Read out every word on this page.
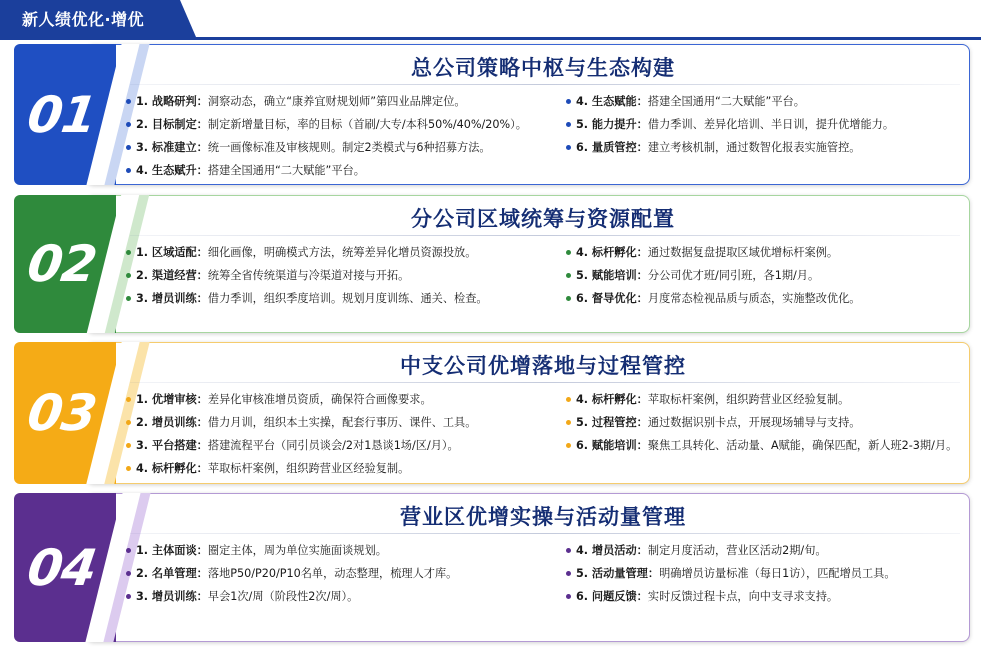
新人绩优化·增优
01
总公司策略中枢与生态构建
1. 战略研判：洞察动态，确立“康养宜财规划师”第四业品牌定位。
2. 目标制定：制定新增量目标，率的目标（首刷/大专/本科50%/40%/20%）。
3. 标准建立：统一画像标准及审核规则。制定2类模式与6种招募方法。
4. 生态赋升：搭建全国通用“二大赋能”平台。
4. 生态赋能：搭建全国通用“二大赋能”平台。
5. 能力提升：借力季训、差异化培训、半日训，提升优增能力。
6. 量质管控：建立考核机制，通过数智化报表实施管控。
02
分公司区域统筹与资源配置
1. 区域适配：细化画像，明确模式方法，统筹差异化增员资源投放。
2. 渠道经营：统筹全省传统渠道与冷渠道对接与开拓。
3. 增员训练：借力季训，组织季度培训。规划月度训练、通关、检查。
4. 标杆孵化：通过数据复盘提取区域优增标杆案例。
5. 赋能培训：分公司优才班/同引班，各1期/月。
6. 督导优化：月度常态检视品质与质态，实施整改优化。
03
中支公司优增落地与过程管控
1. 优增审核：差异化审核准增员资质，确保符合画像要求。
2. 增员训练：借力月训，组织本土实操，配套行事历、课件、工具。
3. 平台搭建：搭建流程平台（同引员谈会/2对1恳谈1场/区/月）。
4. 标杆孵化：苹取标杆案例，组织跨营业区经验复制。
4. 标杆孵化：苹取标杆案例，组织跨营业区经验复制。
5. 过程管控：通过数据识别卡点，开展现场辅导与支持。
6. 赋能培训：聚焦工具转化、活动量、A赋能，确保匹配，新人班2-3期/月。
04
营业区优增实操与活动量管理
1. 主体面谈：圈定主体，周为单位实施面谈规划。
2. 名单管理：落地P50/P20/P10名单，动态整理，梳理人才库。
3. 增员训练：早会1次/周（阶段性2次/周）。
4. 增员活动：制定月度活动，营业区活动2期/旬。
5. 活动量管理：明确增员访量标准（每日1访），匹配增员工具。
6. 问题反馈：实时反馈过程卡点，向中支寻求支持。
